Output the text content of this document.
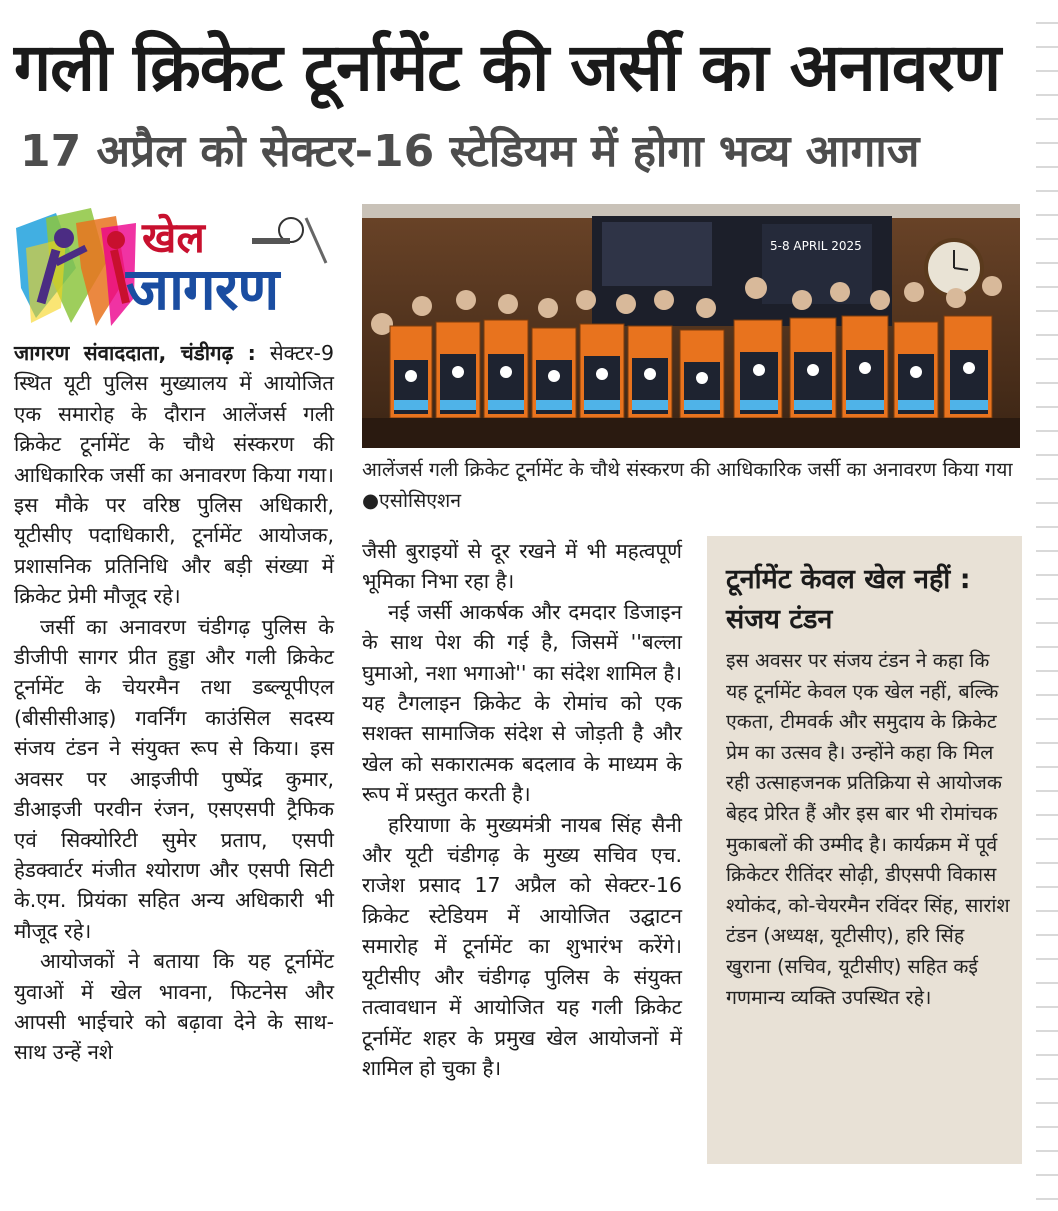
गली क्रिकेट टूर्नामेंट की जर्सी का अनावरण
17 अप्रैल को सेक्टर-16 स्टेडियम में होगा भव्य आगाज
खेल
जागरण

जागरण संवाददाता, चंडीगढ़ : सेक्टर-9 स्थित यूटी पुलिस मुख्यालय में आयोजित एक समारोह के दौरान आलेंजर्स गली क्रिकेट टूर्नामेंट के चौथे संस्करण की आधिकारिक जर्सी का अनावरण किया गया। इस मौके पर वरिष्ठ पुलिस अधिकारी, यूटीसीए पदाधिकारी, टूर्नामेंट आयोजक, प्रशासनिक प्रतिनिधि और बड़ी संख्या में क्रिकेट प्रेमी मौजूद रहे।

जर्सी का अनावरण चंडीगढ़ पुलिस के डीजीपी सागर प्रीत हुड्डा और गली क्रिकेट टूर्नामेंट के चेयरमैन तथा डब्ल्यूपीएल (बीसीसीआइ) गवर्निंग काउंसिल सदस्य संजय टंडन ने संयुक्त रूप से किया। इस अवसर पर आइजीपी पुष्पेंद्र कुमार, डीआइजी परवीन रंजन, एसएसपी ट्रैफिक एवं सिक्योरिटी सुमेर प्रताप, एसपी हेडक्वार्टर मंजीत श्योराण और एसपी सिटी के.एम. प्रियंका सहित अन्य अधिकारी भी मौजूद रहे।

आयोजकों ने बताया कि यह टूर्नामेंट युवाओं में खेल भावना, फिटनेस और आपसी भाईचारे को बढ़ावा देने के साथ-साथ उन्हें नशे

5-8 APRIL 2025
आलेंजर्स गली क्रिकेट टूर्नामेंट के चौथे संस्करण की आधिकारिक जर्सी का अनावरण किया गया ●एसोसिएशन

जैसी बुराइयों से दूर रखने में भी महत्वपूर्ण भूमिका निभा रहा है।

नई जर्सी आकर्षक और दमदार डिजाइन के साथ पेश की गई है, जिसमें ''बल्ला घुमाओ, नशा भगाओ'' का संदेश शामिल है। यह टैगलाइन क्रिकेट के रोमांच को एक सशक्त सामाजिक संदेश से जोड़ती है और खेल को सकारात्मक बदलाव के माध्यम के रूप में प्रस्तुत करती है।

हरियाणा के मुख्यमंत्री नायब सिंह सैनी और यूटी चंडीगढ़ के मुख्य सचिव एच. राजेश प्रसाद 17 अप्रैल को सेक्टर-16 क्रिकेट स्टेडियम में आयोजित उद्घाटन समारोह में टूर्नामेंट का शुभारंभ करेंगे। यूटीसीए और चंडीगढ़ पुलिस के संयुक्त तत्वावधान में आयोजित यह गली क्रिकेट टूर्नामेंट शहर के प्रमुख खेल आयोजनों में शामिल हो चुका है।

टूर्नामेंट केवल खेल नहीं : संजय टंडन

इस अवसर पर संजय टंडन ने कहा कि यह टूर्नामेंट केवल एक खेल नहीं, बल्कि एकता, टीमवर्क और समुदाय के क्रिकेट प्रेम का उत्सव है। उन्होंने कहा कि मिल रही उत्साहजनक प्रतिक्रिया से आयोजक बेहद प्रेरित हैं और इस बार भी रोमांचक मुकाबलों की उम्मीद है। कार्यक्रम में पूर्व क्रिकेटर रीतिंदर सोढ़ी, डीएसपी विकास श्योकंद, को-चेयरमैन रविंदर सिंह, सारांश टंडन (अध्यक्ष, यूटीसीए), हरि सिंह खुराना (सचिव, यूटीसीए) सहित कई गणमान्य व्यक्ति उपस्थित रहे।
